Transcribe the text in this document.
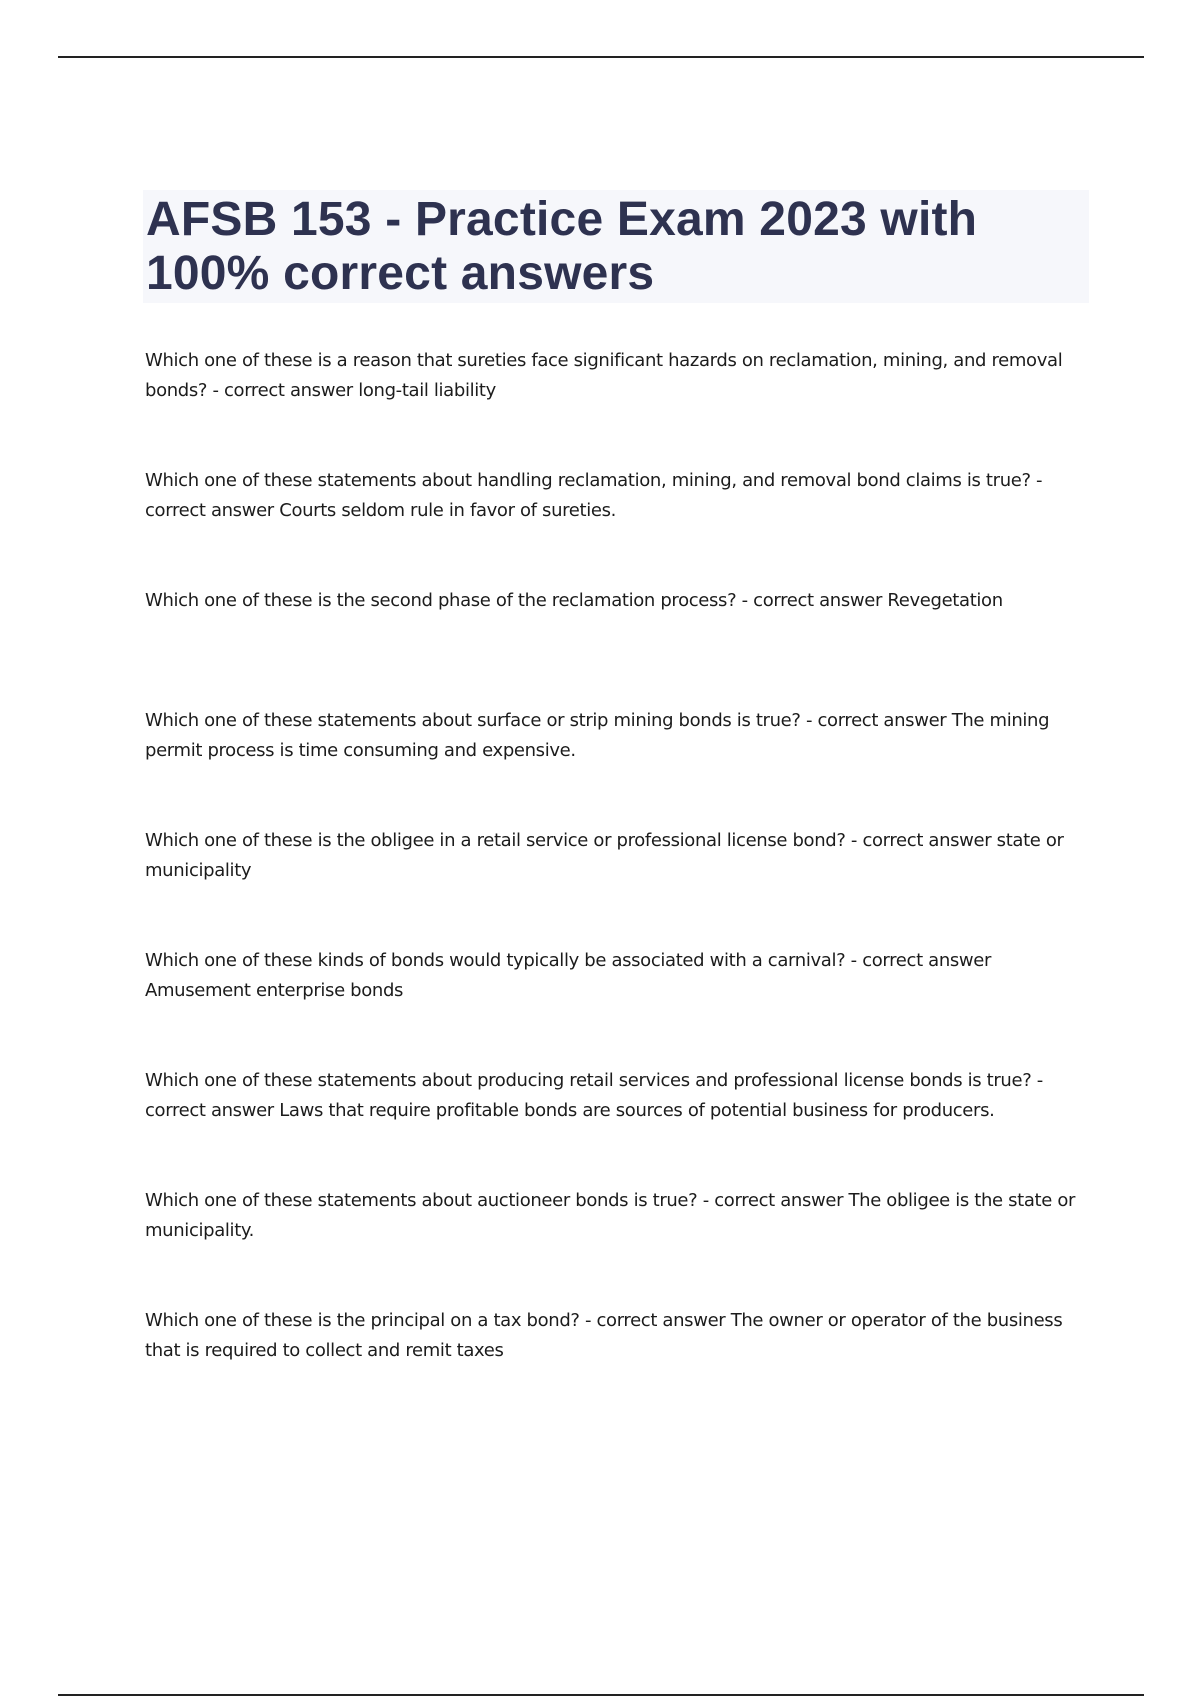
AFSB 153 - Practice Exam 2023 with 100% correct answers
Which one of these is a reason that sureties face significant hazards on reclamation, mining, and removal bonds? - correct answer long-tail liability
Which one of these statements about handling reclamation, mining, and removal bond claims is true? - correct answer Courts seldom rule in favor of sureties.
Which one of these is the second phase of the reclamation process? - correct answer Revegetation
Which one of these statements about surface or strip mining bonds is true? - correct answer The mining permit process is time consuming and expensive.
Which one of these is the obligee in a retail service or professional license bond? - correct answer state or municipality
Which one of these kinds of bonds would typically be associated with a carnival? - correct answer Amusement enterprise bonds
Which one of these statements about producing retail services and professional license bonds is true? - correct answer Laws that require profitable bonds are sources of potential business for producers.
Which one of these statements about auctioneer bonds is true? - correct answer The obligee is the state or municipality.
Which one of these is the principal on a tax bond? - correct answer The owner or operator of the business that is required to collect and remit taxes
